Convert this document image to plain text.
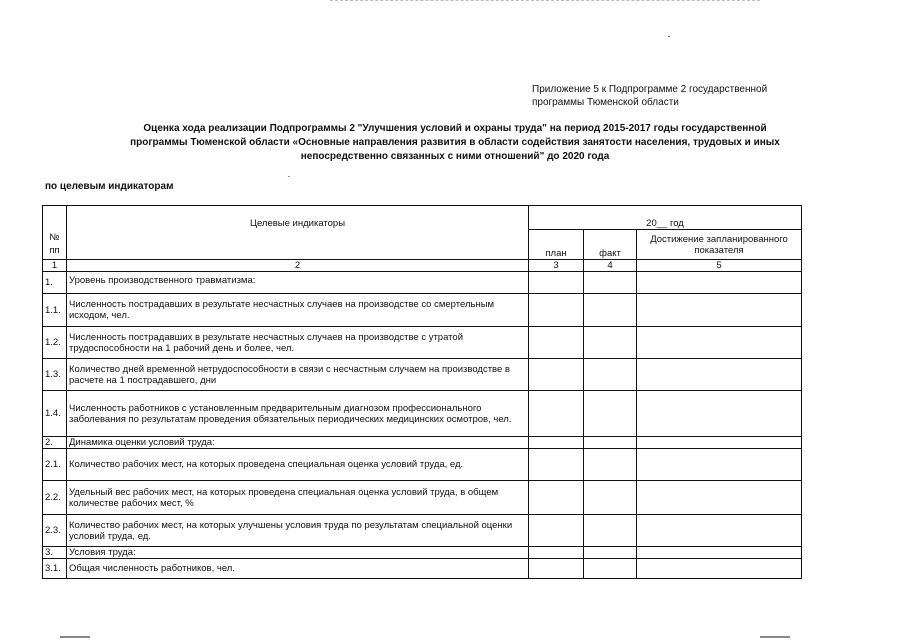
Приложение 5 к Подпрограмме 2 государственной
программы Тюменской области
Оценка хода реализации Подпрограммы 2 "Улучшения условий и охраны труда" на период 2015-2017 годы государственной
программы Тюменской области «Основные направления развития в области содействия занятости населения, трудовых и иных
непосредственно связанных с ними отношений" до 2020 года
по целевым индикаторам
№ пп	Целевые индикаторы	20__ год		
		план	факт	Достижение запланированного показателя
1	2	3	4	5
1.	Уровень производственного травматизма:			
1.1.	Численность пострадавших в результате несчастных случаев на производстве со смертельным исходом, чел.			
1.2.	Численность пострадавших в результате несчастных случаев на производстве с утратой трудоспособности на 1 рабочий день и более, чел.			
1.3.	Количество дней временной нетрудоспособности в связи с несчастным случаем на производстве в расчете на 1 пострадавшего, дни			
1.4.	Численность работников с установленным предварительным диагнозом профессионального заболевания по результатам проведения обязательных периодических медицинских осмотров, чел.			
2.	Динамика оценки условий труда:			
2.1.	Количество рабочих мест, на которых проведена специальная оценка условий труда, ед.			
2.2.	Удельный вес рабочих мест, на которых проведена специальная оценка условий труда, в общем количестве рабочих мест, %			
2.3.	Количество рабочих мест, на которых улучшены условия труда по результатам специальной оценки условий труда, ед.			
3.	Условия труда:			
3.1.	Общая численность работников, чел.			
